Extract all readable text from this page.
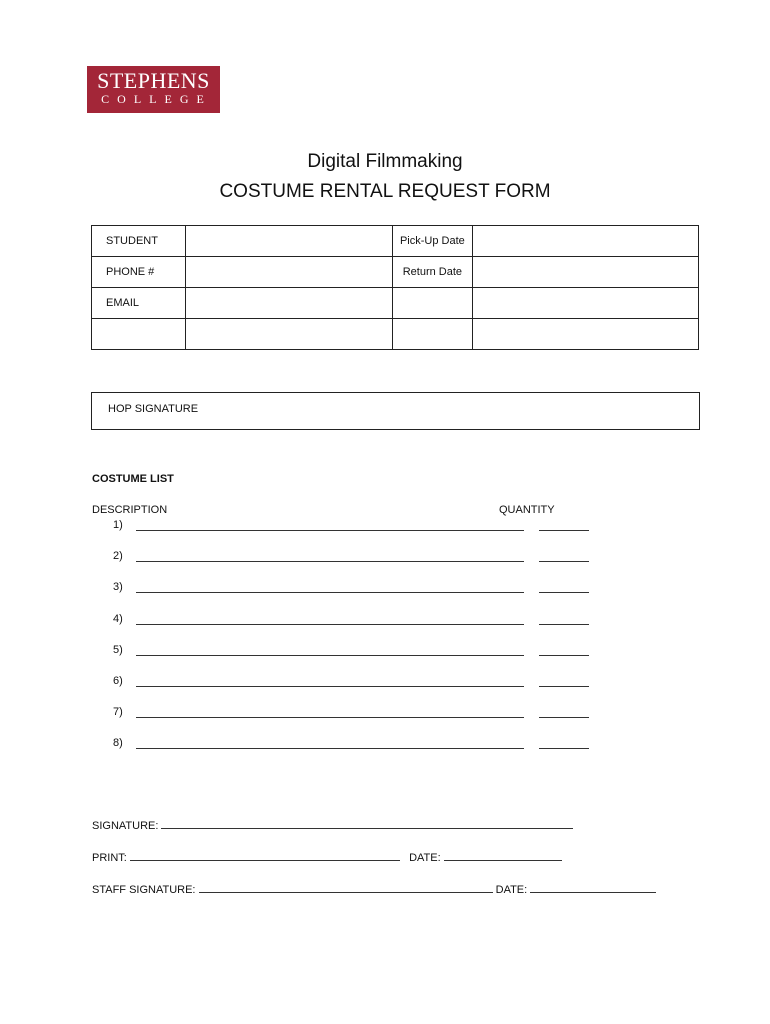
STEPHENS
COLLEGE
Digital Filmmaking
COSTUME RENTAL REQUEST FORM
STUDENT		Pick-Up Date	
PHONE #		Return Date	
EMAIL			

HOP SIGNATURE
COSTUME LIST
DESCRIPTION	QUANTITY
1)
2)
3)
4)
5)
6)
7)
8)
SIGNATURE:
PRINT:	DATE:
STAFF SIGNATURE:	DATE:
